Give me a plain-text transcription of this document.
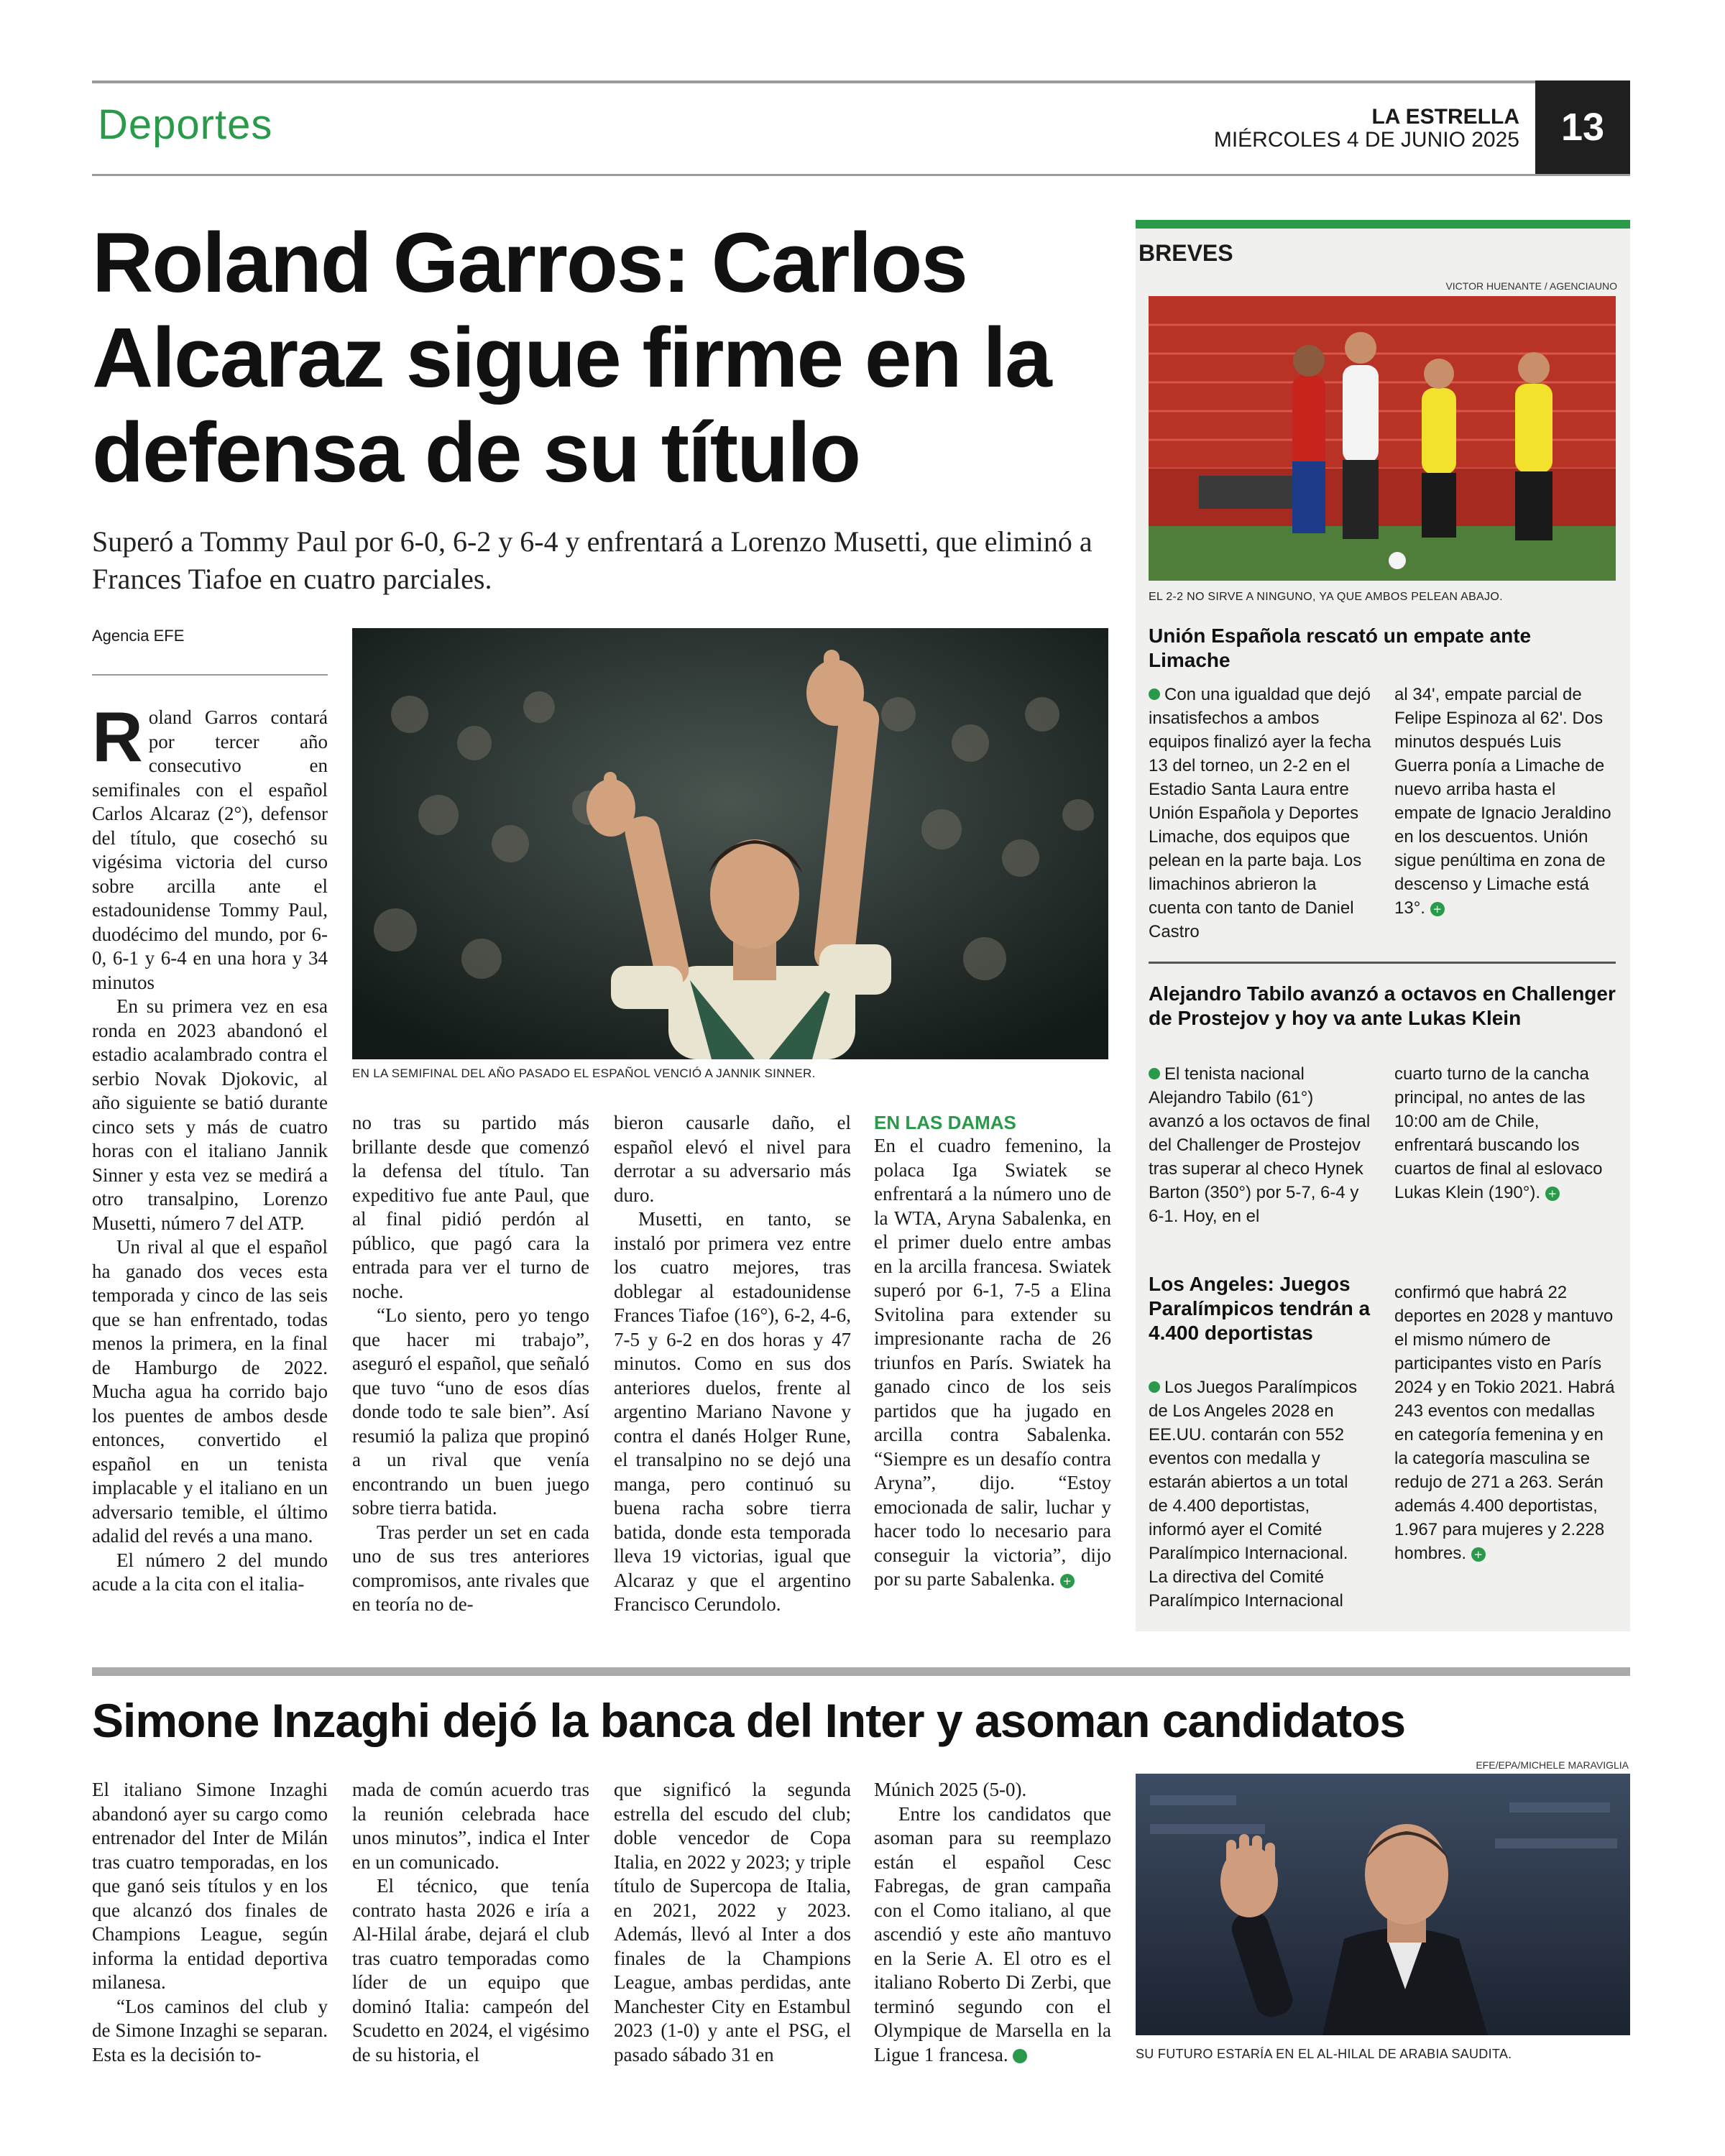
Deportes	LA ESTRELLA
MIÉRCOLES 4 DE JUNIO 2025	13
Roland Garros: Carlos Alcaraz sigue firme en la defensa de su título
Superó a Tommy Paul por 6-0, 6-2 y 6-4 y enfrentará a Lorenzo Musetti, que eliminó a Frances Tiafoe en cuatro parciales.
Agencia EFE

Roland Garros contará por tercer año consecutivo en semifinales con el español Carlos Alcaraz (2°), defensor del título, que cosechó su vigésima victoria del curso sobre arcilla ante el estadounidense Tommy Paul, duodécimo del mundo, por 6-0, 6-1 y 6-4 en una hora y 34 minutos

En su primera vez en esa ronda en 2023 abandonó el estadio acalambrado contra el serbio Novak Djokovic, al año siguiente se batió durante cinco sets y más de cuatro horas con el italiano Jannik Sinner y esta vez se medirá a otro transalpino, Lorenzo Musetti, número 7 del ATP.

Un rival al que el español ha ganado dos veces esta temporada y cinco de las seis que se han enfrentado, todas menos la primera, en la final de Hamburgo de 2022. Mucha agua ha corrido bajo los puentes de ambos desde entonces, convertido el español en un tenista implacable y el italiano en un adversario temible, el último adalid del revés a una mano.

El número 2 del mundo acude a la cita con el italia-

EN LA SEMIFINAL DEL AÑO PASADO EL ESPAÑOL VENCIÓ A JANNIK SINNER.

no tras su partido más brillante desde que comenzó la defensa del título. Tan expeditivo fue ante Paul, que al final pidió perdón al público, que pagó cara la entrada para ver el turno de noche.

“Lo siento, pero yo tengo que hacer mi trabajo”, aseguró el español, que señaló que tuvo “uno de esos días donde todo te sale bien”. Así resumió la paliza que propinó a un rival que venía encontrando un buen juego sobre tierra batida.

Tras perder un set en cada uno de sus tres anteriores compromisos, ante rivales que en teoría no de-

bieron causarle daño, el español elevó el nivel para derrotar a su adversario más duro.

Musetti, en tanto, se instaló por primera vez entre los cuatro mejores, tras doblegar al estadounidense Frances Tiafoe (16°), 6-2, 4-6, 7-5 y 6-2 en dos horas y 47 minutos. Como en sus dos anteriores duelos, frente al argentino Mariano Navone y contra el danés Holger Rune, el transalpino no se dejó una manga, pero continuó su buena racha sobre tierra batida, donde esta temporada lleva 19 victorias, igual que Alcaraz y que el argentino Francisco Cerundolo.

EN LAS DAMAS

En el cuadro femenino, la polaca Iga Swiatek se enfrentará a la número uno de la WTA, Aryna Sabalenka, en el primer duelo entre ambas en la arcilla francesa. Swiatek superó por 6-1, 7-5 a Elina Svitolina para extender su impresionante racha de 26 triunfos en París. Swiatek ha ganado cinco de los seis partidos que ha jugado en arcilla contra Sabalenka. “Siempre es un desafío contra Aryna”, dijo. “Estoy emocionada de salir, luchar y hacer todo lo necesario para conseguir la victoria”, dijo por su parte Sabalenka. +

BREVES
VICTOR HUENANTE / AGENCIAUNO
EL 2-2 NO SIRVE A NINGUNO, YA QUE AMBOS PELEAN ABAJO.
Unión Española rescató un empate ante Limache
Con una igualdad que dejó insatisfechos a ambos equipos finalizó ayer la fecha 13 del torneo, un 2-2 en el Estadio Santa Laura entre Unión Española y Deportes Limache, dos equipos que pelean en la parte baja. Los limachinos abrieron la cuenta con tanto de Daniel Castro
al 34', empate parcial de Felipe Espinoza al 62'. Dos minutos después Luis Guerra ponía a Limache de nuevo arriba hasta el empate de Ignacio Jeraldino en los descuentos. Unión sigue penúltima en zona de descenso y Limache está 13°. +
Alejandro Tabilo avanzó a octavos en Challenger de Prostejov y hoy va ante Lukas Klein
El tenista nacional Alejandro Tabilo (61°) avanzó a los octavos de final del Challenger de Prostejov tras superar al checo Hynek Barton (350°) por 5-7, 6-4 y 6-1. Hoy, en el
cuarto turno de la cancha principal, no antes de las 10:00 am de Chile, enfrentará buscando los cuartos de final al eslovaco Lukas Klein (190°). +
Los Angeles: Juegos Paralímpicos tendrán a 4.400 deportistas
Los Juegos Paralímpicos de Los Angeles 2028 en EE.UU. contarán con 552 eventos con medalla y estarán abiertos a un total de 4.400 deportistas, informó ayer el Comité Paralímpico Internacional. La directiva del Comité Paralímpico Internacional
confirmó que habrá 22 deportes en 2028 y mantuvo el mismo número de participantes visto en París 2024 y en Tokio 2021. Habrá 243 eventos con medallas en categoría femenina y en la categoría masculina se redujo de 271 a 263. Serán además 4.400 deportistas, 1.967 para mujeres y 2.228 hombres. +
Simone Inzaghi dejó la banca del Inter y asoman candidatos

El italiano Simone Inzaghi abandonó ayer su cargo como entrenador del Inter de Milán tras cuatro temporadas, en los que ganó seis títulos y en los que alcanzó dos finales de Champions League, según informa la entidad deportiva milanesa.

“Los caminos del club y de Simone Inzaghi se separan. Esta es la decisión to-

mada de común acuerdo tras la reunión celebrada hace unos minutos”, indica el Inter en un comunicado.

El técnico, que tenía contrato hasta 2026 e iría a Al-Hilal árabe, dejará el club tras cuatro temporadas como líder de un equipo que dominó Italia: campeón del Scudetto en 2024, el vigésimo de su historia, el

que significó la segunda estrella del escudo del club; doble vencedor de Copa Italia, en 2022 y 2023; y triple título de Supercopa de Italia, en 2021, 2022 y 2023. Además, llevó al Inter a dos finales de la Champions League, ambas perdidas, ante Manchester City en Estambul 2023 (1-0) y ante el PSG, el pasado sábado 31 en

Múnich 2025 (5-0).

Entre los candidatos que asoman para su reemplazo están el español Cesc Fabregas, de gran campaña con el Como italiano, al que ascendió y este año mantuvo en la Serie A. El otro es el italiano Roberto Di Zerbi, que terminó segundo con el Olympique de Marsella en la Ligue 1 francesa.	+

EFE/EPA/MICHELE MARAVIGLIA
SU FUTURO ESTARÍA EN EL AL-HILAL DE ARABIA SAUDITA.
